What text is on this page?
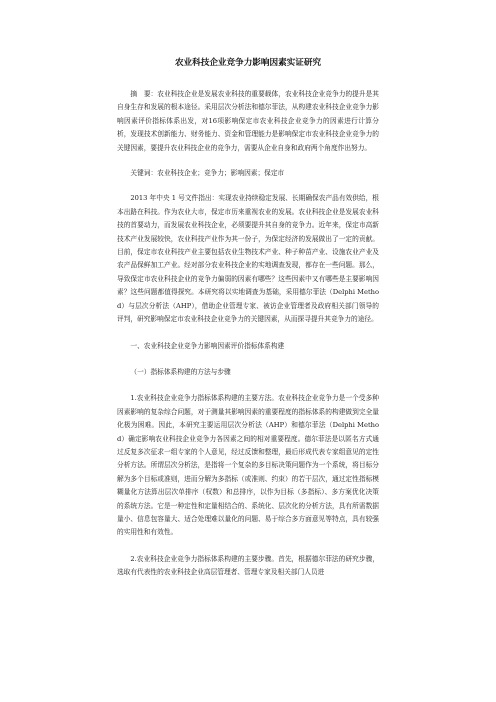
农业科技企业竞争力影响因素实证研究

摘　要：农业科技企业是发展农业科技的重要载体，农业科技企业竞争力的提升是其自身生存和发展的根本途径。采用层次分析法和德尔菲法，从构建农业科技企业竞争力影响因素评价指标体系出发，对16项影响保定市农业科技企业竞争力的因素进行计算分析，发现技术创新能力、财务能力、资金和管理能力是影响保定市农业科技企业竞争力的关键因素，要提升农业科技企业的竞争力，需要从企业自身和政府两个角度作出努力。

关键词：农业科技企业；竞争力；影响因素；保定市

2013 年中央 1 号文件指出：实现农业持续稳定发展、长期确保农产品有效供给，根本出路在科技。作为农业大市，保定市历来重视农业的发展。农业科技企业是发展农业科技的首要动力，而发展农业科技企业，必须要提升其自身的竞争力。近年来，保定市高新技术产业发展较快，农业科技产业作为其一份子，为保定经济的发展做出了一定的贡献。目前，保定市农业科技产业主要包括农业生物技术产业、种子种苗产业、设施农业产业及农产品保鲜加工产业。经对部分农业科技企业的实地调查发现，都存在一些问题。那么，导致保定市农业科技企业的竞争力偏弱的因素有哪些？这些因素中又有哪些是主要影响因素？这些问题都值得探究。本研究将以实地调查为基础，采用德尔菲法（Delphi Method）与层次分析法（AHP），借助企业管理专家、被访企业管理者及政府相关部门领导的评判，研究影响保定市农业科技企业竞争力的关键因素，从而探寻提升其竞争力的途径。

一、农业科技企业竞争力影响因素评价指标体系构建

（一）指标体系构建的方法与步骤

1.农业科技企业竞争力指标体系构建的主要方法。农业科技企业竞争力是一个受多种因素影响的复杂综合问题，对于测量其影响因素的重要程度的指标体系的构建做到完全量化极为困难。因此，本研究主要运用层次分析法（AHP）和德尔菲法（Delphi Method）确定影响农业科技企业竞争力各因素之间的相对重要程度。德尔菲法是以匿名方式通过反复多次征求一组专家的个人意见，经过反馈和整理，最后形成代表专家组意见的定性分析方法。所谓层次分析法，是指将一个复杂的多目标决策问题作为一个系统，将目标分解为多个目标或准则，进而分解为多指标（或准则、约束）的若干层次，通过定性指标模糊量化方法算出层次单排序（权数）和总排序，以作为目标（多指标）、多方案优化决策的系统方法。它是一种定性和定量相结合的、系统化、层次化的分析方法，具有所需数据量小、信息包容量大、适合处理难以量化的问题、易于综合多方面意见等特点，具有较强的实用性和有效性。

2.农业科技企业竞争力指标体系构建的主要步骤。首先，根据德尔菲法的研究步骤，选取有代表性的农业科技企业高层管理者、管理专家及相关部门人员进
